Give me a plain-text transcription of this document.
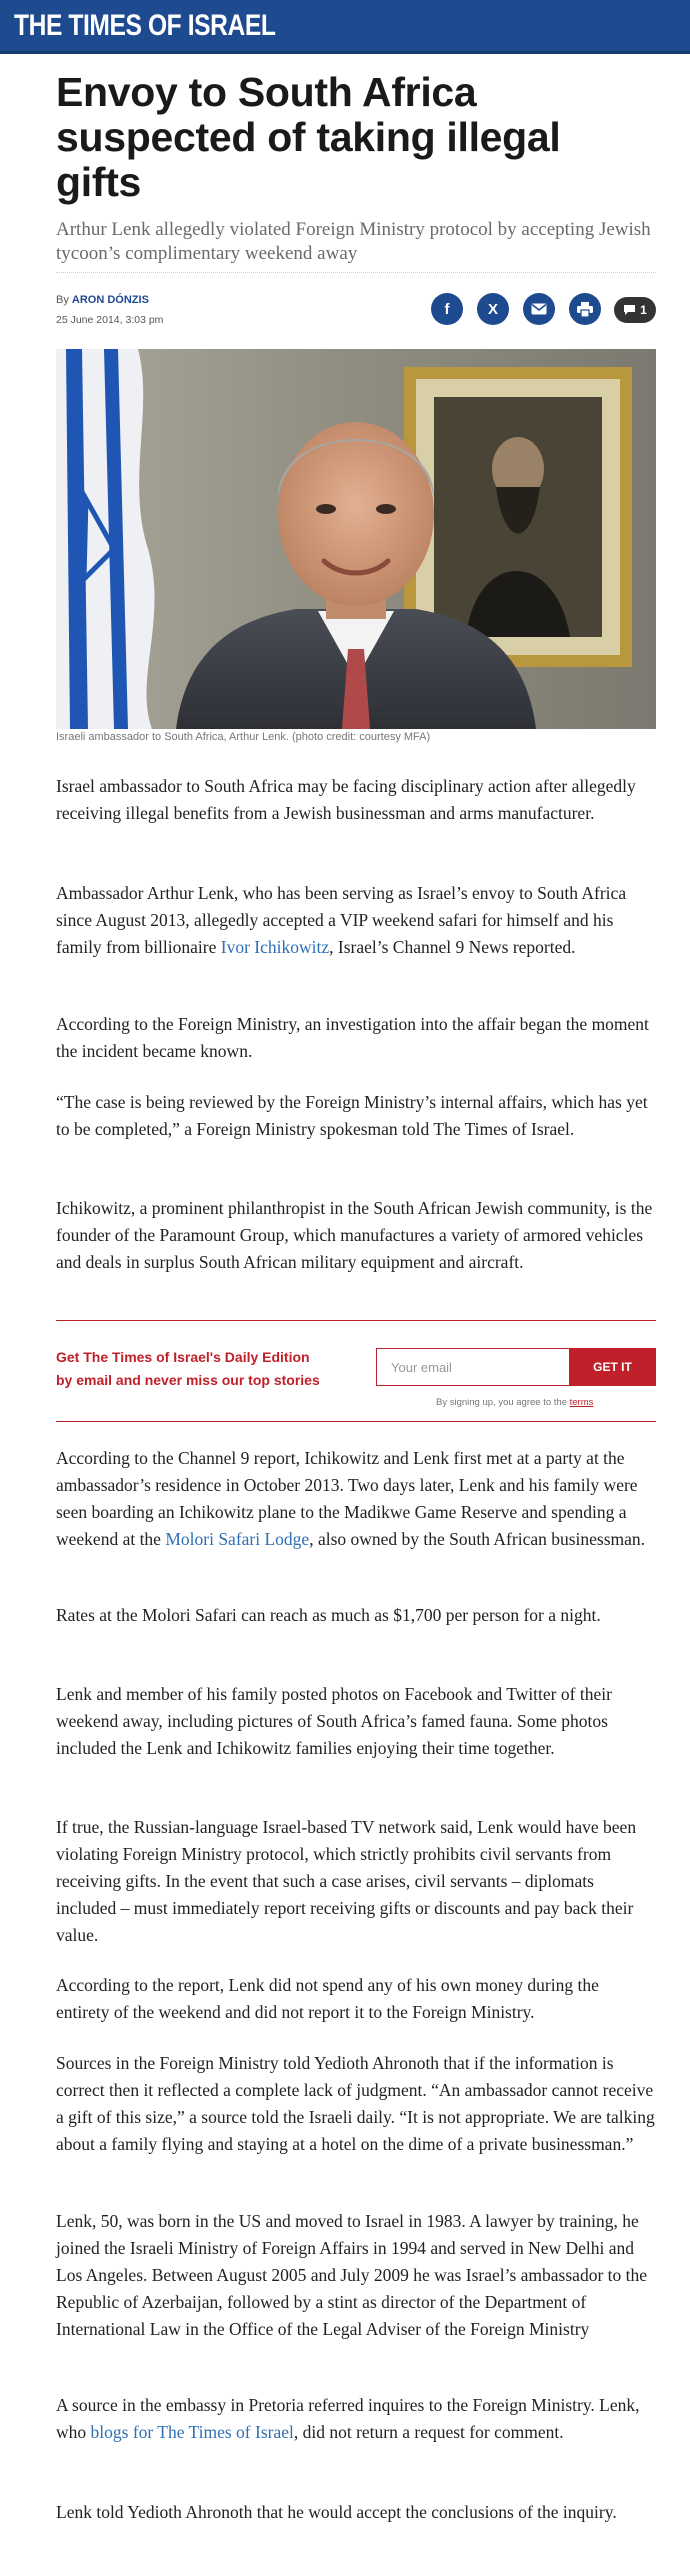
THE TIMES OF ISRAEL
Envoy to South Africa suspected of taking illegal gifts

Arthur Lenk allegedly violated Foreign Ministry protocol by accepting Jewish tycoon’s complimentary weekend away

By ARON DÓNZIS
25 June 2014, 3:03 pm
f	X	1
Israeli ambassador to South Africa, Arthur Lenk. (photo credit: courtesy MFA)

Israel ambassador to South Africa may be facing disciplinary action after allegedly receiving illegal benefits from a Jewish businessman and arms manufacturer.

Ambassador Arthur Lenk, who has been serving as Israel’s envoy to South Africa since August 2013, allegedly accepted a VIP weekend safari for himself and his family from billionaire Ivor Ichikowitz, Israel’s Channel 9 News reported.

According to the Foreign Ministry, an investigation into the affair began the moment the incident became known.

“The case is being reviewed by the Foreign Ministry’s internal affairs, which has yet to be completed,” a Foreign Ministry spokesman told The Times of Israel.

Ichikowitz, a prominent philanthropist in the South African Jewish community, is the founder of the Paramount Group, which manufactures a variety of armored vehicles and deals in surplus South African military equipment and aircraft.

Get The Times of Israel's Daily Edition
by email and never miss our top stories
Your email
GET IT
By signing up, you agree to the terms

According to the Channel 9 report, Ichikowitz and Lenk first met at a party at the ambassador’s residence in October 2013. Two days later, Lenk and his family were seen boarding an Ichikowitz plane to the Madikwe Game Reserve and spending a weekend at the Molori Safari Lodge, also owned by the South African businessman.

Rates at the Molori Safari can reach as much as $1,700 per person for a night.

Lenk and member of his family posted photos on Facebook and Twitter of their weekend away, including pictures of South Africa’s famed fauna. Some photos included the Lenk and Ichikowitz families enjoying their time together.

If true, the Russian-language Israel-based TV network said, Lenk would have been violating Foreign Ministry protocol, which strictly prohibits civil servants from receiving gifts. In the event that such a case arises, civil servants – diplomats included – must immediately report receiving gifts or discounts and pay back their value.

According to the report, Lenk did not spend any of his own money during the entirety of the weekend and did not report it to the Foreign Ministry.

Sources in the Foreign Ministry told Yedioth Ahronoth that if the information is correct then it reflected a complete lack of judgment. “An ambassador cannot receive a gift of this size,” a source told the Israeli daily. “It is not appropriate. We are talking about a family flying and staying at a hotel on the dime of a private businessman.”

Lenk, 50, was born in the US and moved to Israel in 1983. A lawyer by training, he joined the Israeli Ministry of Foreign Affairs in 1994 and served in New Delhi and Los Angeles. Between August 2005 and July 2009 he was Israel’s ambassador to the Republic of Azerbaijan, followed by a stint as director of the Department of International Law in the Office of the Legal Adviser of the Foreign Ministry

A source in the embassy in Pretoria referred inquires to the Foreign Ministry. Lenk, who blogs for The Times of Israel, did not return a request for comment.

Lenk told Yedioth Ahronoth that he would accept the conclusions of the inquiry.
